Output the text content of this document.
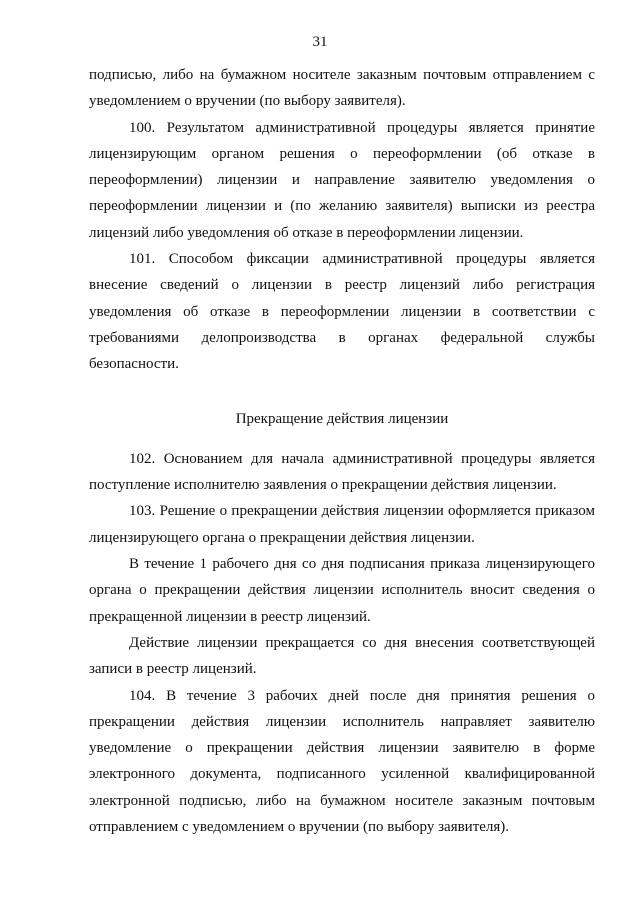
31

подписью, либо на бумажном носителе заказным почтовым отправлением с уведомлением о вручении (по выбору заявителя).

100. Результатом административной процедуры является принятие лицензирующим органом решения о переоформлении (об отказе в переоформлении) лицензии и направление заявителю уведомления о переоформлении лицензии и (по желанию заявителя) выписки из реестра лицензий либо уведомления об отказе в переоформлении лицензии.

101. Способом фиксации административной процедуры является внесение сведений о лицензии в реестр лицензий либо регистрация уведомления об отказе в переоформлении лицензии в соответствии с требованиями делопроизводства в органах федеральной службы безопасности.

Прекращение действия лицензии

102. Основанием для начала административной процедуры является поступление исполнителю заявления о прекращении действия лицензии.

103. Решение о прекращении действия лицензии оформляется приказом лицензирующего органа о прекращении действия лицензии.

В течение 1 рабочего дня со дня подписания приказа лицензирующего органа о прекращении действия лицензии исполнитель вносит сведения о прекращенной лицензии в реестр лицензий.

Действие лицензии прекращается со дня внесения соответствующей записи в реестр лицензий.

104. В течение 3 рабочих дней после дня принятия решения о прекращении действия лицензии исполнитель направляет заявителю уведомление о прекращении действия лицензии заявителю в форме электронного документа, подписанного усиленной квалифицированной электронной подписью, либо на бумажном носителе заказным почтовым отправлением с уведомлением о вручении (по выбору заявителя).
